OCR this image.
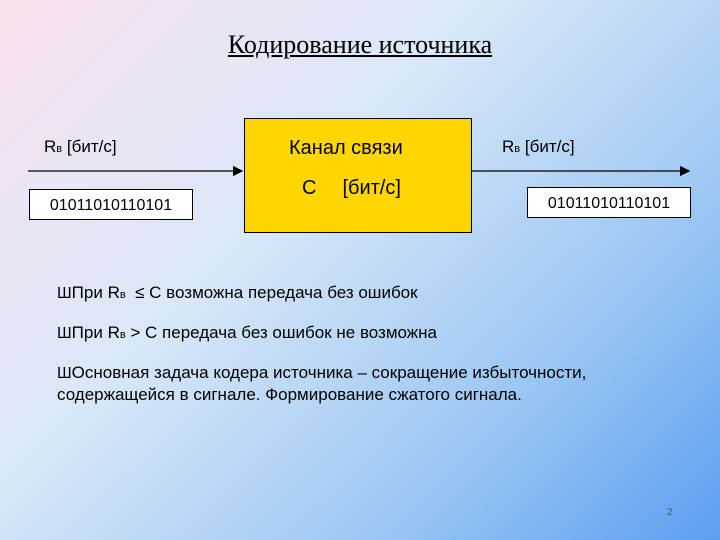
Кодирование источника
Rв [бит/с]
01011010110101
Канал связи
С [бит/с]
Rв [бит/с]
01011010110101
ШПри Rв  ≤ С возможна передача без ошибок
ШПри Rв > С передача без ошибок не возможна
ШОсновная задача кодера источника – сокращение избыточности, содержащейся в сигнале. Формирование сжатого сигнала.
2
